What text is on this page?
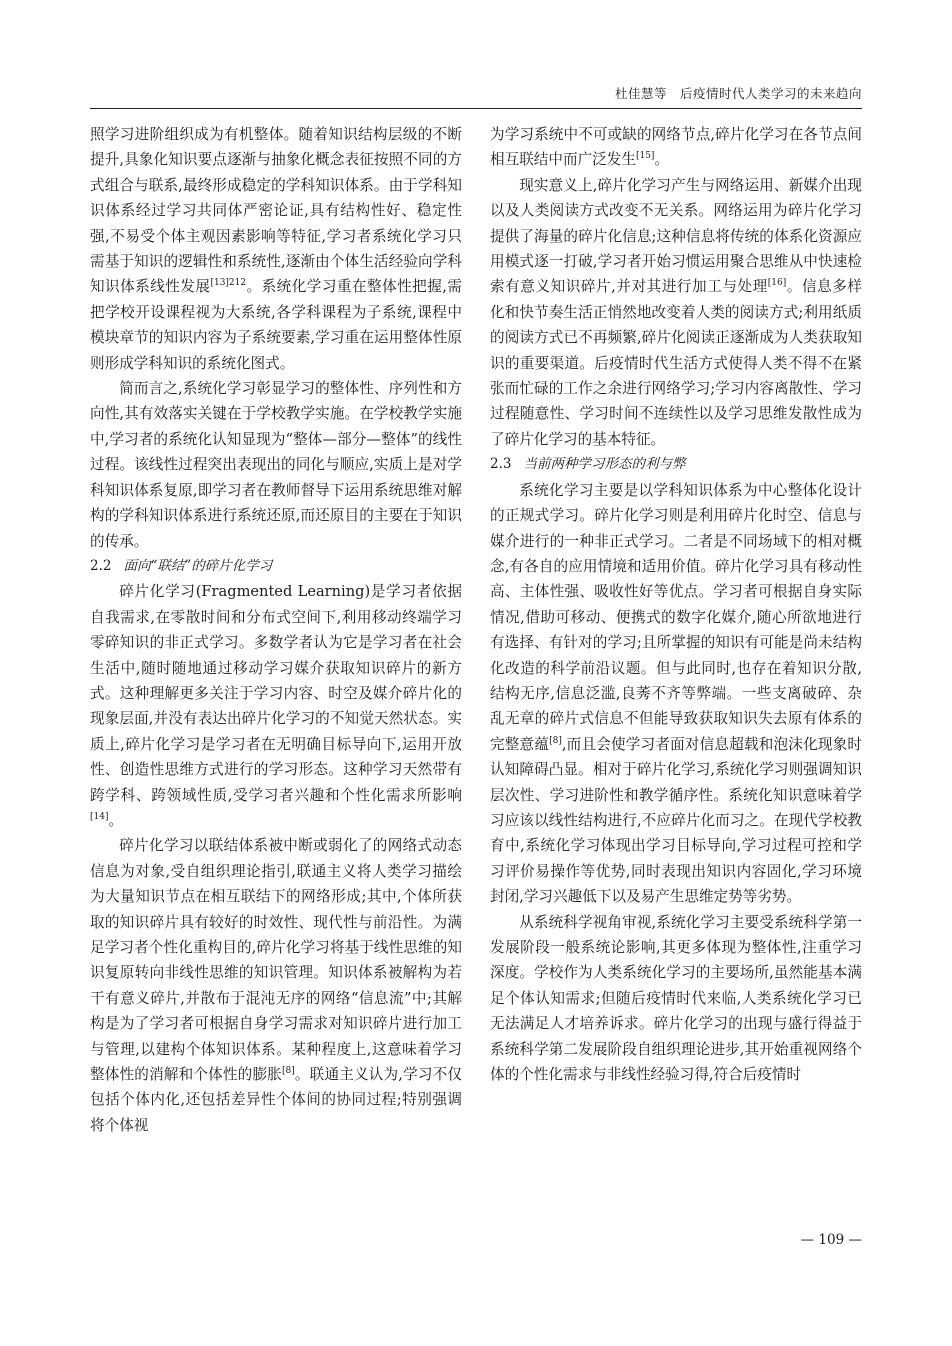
杜佳慧等　后疫情时代人类学习的未来趋向

照学习进阶组织成为有机整体。随着知识结构层级的不断提升,具象化知识要点逐渐与抽象化概念表征按照不同的方式组合与联系,最终形成稳定的学科知识体系。由于学科知识体系经过学习共同体严密论证,具有结构性好、稳定性强,不易受个体主观因素影响等特征,学习者系统化学习只需基于知识的逻辑性和系统性,逐渐由个体生活经验向学科知识体系线性发展$^{[13]212}$。系统化学习重在整体性把握,需把学校开设课程视为大系统,各学科课程为子系统,课程中模块章节的知识内容为子系统要素,学习重在运用整体性原则形成学科知识的系统化图式。

简而言之,系统化学习彰显学习的整体性、序列性和方向性,其有效落实关键在于学校教学实施。在学校教学实施中,学习者的系统化认知显现为“整体—部分—整体”的线性过程。该线性过程突出表现出的同化与顺应,实质上是对学科知识体系复原,即学习者在教师督导下运用系统思维对解构的学科知识体系进行系统还原,而还原目的主要在于知识的传承。

2.2 面向“联结”的碎片化学习

碎片化学习(Fragmented Learning)是学习者依据自我需求,在零散时间和分布式空间下,利用移动终端学习零碎知识的非正式学习。多数学者认为它是学习者在社会生活中,随时随地通过移动学习媒介获取知识碎片的新方式。这种理解更多关注于学习内容、时空及媒介碎片化的现象层面,并没有表达出碎片化学习的不知觉天然状态。实质上,碎片化学习是学习者在无明确目标导向下,运用开放性、创造性思维方式进行的学习形态。这种学习天然带有跨学科、跨领域性质,受学习者兴趣和个性化需求所影响[14]。

碎片化学习以联结体系被中断或弱化了的网络式动态信息为对象,受自组织理论指引,联通主义将人类学习描绘为大量知识节点在相互联结下的网络形成;其中,个体所获取的知识碎片具有较好的时效性、现代性与前沿性。为满足学习者个性化重构目的,碎片化学习将基于线性思维的知识复原转向非线性思维的知识管理。知识体系被解构为若干有意义碎片,并散布于混沌无序的网络“信息流”中;其解构是为了学习者可根据自身学习需求对知识碎片进行加工与管理,以建构个体知识体系。某种程度上,这意味着学习整体性的消解和个体性的膨胀[8]。联通主义认为,学习不仅包括个体内化,还包括差异性个体间的协同过程;特别强调将个体视

为学习系统中不可或缺的网络节点,碎片化学习在各节点间相互联结中而广泛发生[15]。

现实意义上,碎片化学习产生与网络运用、新媒介出现以及人类阅读方式改变不无关系。网络运用为碎片化学习提供了海量的碎片化信息;这种信息将传统的体系化资源应用模式逐一打破,学习者开始习惯运用聚合思维从中快速检索有意义知识碎片,并对其进行加工与处理[16]。信息多样化和快节奏生活正悄然地改变着人类的阅读方式;利用纸质的阅读方式已不再频繁,碎片化阅读正逐渐成为人类获取知识的重要渠道。后疫情时代生活方式使得人类不得不在紧张而忙碌的工作之余进行网络学习;学习内容离散性、学习过程随意性、学习时间不连续性以及学习思维发散性成为了碎片化学习的基本特征。

2.3 当前两种学习形态的利与弊

系统化学习主要是以学科知识体系为中心整体化设计的正规式学习。碎片化学习则是利用碎片化时空、信息与媒介进行的一种非正式学习。二者是不同场域下的相对概念,有各自的应用情境和适用价值。碎片化学习具有移动性高、主体性强、吸收性好等优点。学习者可根据自身实际情况,借助可移动、便携式的数字化媒介,随心所欲地进行有选择、有针对的学习;且所掌握的知识有可能是尚未结构化改造的科学前沿议题。但与此同时,也存在着知识分散,结构无序,信息泛滥,良莠不齐等弊端。一些支离破碎、杂乱无章的碎片式信息不但能导致获取知识失去原有体系的完整意蕴[8],而且会使学习者面对信息超载和泡沫化现象时认知障碍凸显。相对于碎片化学习,系统化学习则强调知识层次性、学习进阶性和教学循序性。系统化知识意味着学习应该以线性结构进行,不应碎片化而习之。在现代学校教育中,系统化学习体现出学习目标导向,学习过程可控和学习评价易操作等优势,同时表现出知识内容固化,学习环境封闭,学习兴趣低下以及易产生思维定势等劣势。

从系统科学视角审视,系统化学习主要受系统科学第一发展阶段一般系统论影响,其更多体现为整体性,注重学习深度。学校作为人类系统化学习的主要场所,虽然能基本满足个体认知需求;但随后疫情时代来临,人类系统化学习已无法满足人才培养诉求。碎片化学习的出现与盛行得益于系统科学第二发展阶段自组织理论进步,其开始重视网络个体的个性化需求与非线性经验习得,符合后疫情时

— 109 —
